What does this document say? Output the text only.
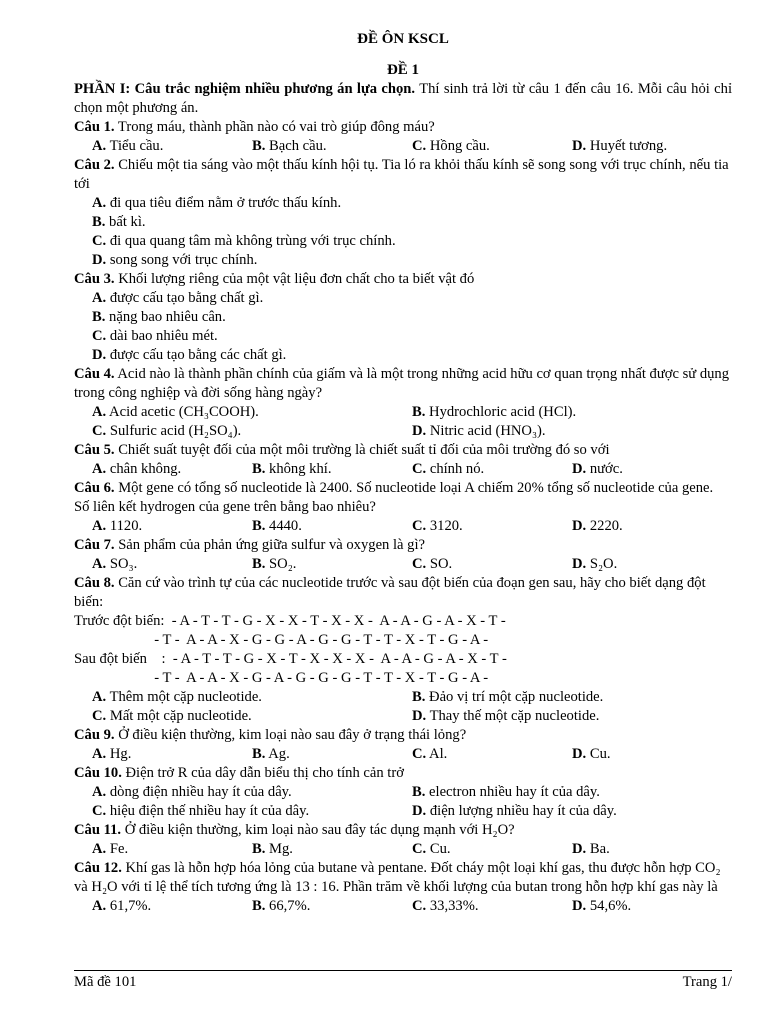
ĐỀ ÔN KSCL
ĐỀ 1
PHẦN I: Câu trắc nghiệm nhiều phương án lựa chọn. Thí sinh trả lời từ câu 1 đến câu 16. Mỗi câu hỏi chỉ chọn một phương án.
Câu 1. Trong máu, thành phần nào có vai trò giúp đông máu?
A. Tiểu cầu.	B. Bạch cầu.	C. Hồng cầu.	D. Huyết tương.
Câu 2. Chiếu một tia sáng vào một thấu kính hội tụ. Tia ló ra khỏi thấu kính sẽ song song với trục chính, nếu tia tới
A. đi qua tiêu điểm nằm ở trước thấu kính.
B. bất kì.
C. đi qua quang tâm mà không trùng với trục chính.
D. song song với trục chính.
Câu 3. Khối lượng riêng của một vật liệu đơn chất cho ta biết vật đó
A. được cấu tạo bằng chất gì.
B. nặng bao nhiêu cân.
C. dài bao nhiêu mét.
D. được cấu tạo bằng các chất gì.
Câu 4. Acid nào là thành phần chính của giấm và là một trong những acid hữu cơ quan trọng nhất được sử dụng trong công nghiệp và đời sống hàng ngày?
A. Acid acetic (CH₃COOH).	B. Hydrochloric acid (HCl).
C. Sulfuric acid (H₂SO₄).	D. Nitric acid (HNO₃).
Câu 5. Chiết suất tuyệt đối của một môi trường là chiết suất tỉ đối của môi trường đó so với
A. chân không.	B. không khí.	C. chính nó.	D. nước.
Câu 6. Một gene có tổng số nucleotide là 2400. Số nucleotide loại A chiếm 20% tổng số nucleotide của gene. Số liên kết hydrogen của gene trên bằng bao nhiêu?
A. 1120.	B. 4440.	C. 3120.	D. 2220.
Câu 7. Sản phẩm của phản ứng giữa sulfur và oxygen là gì?
A. SO₃.	B. SO₂.	C. SO.	D. S₂O.
Câu 8. Căn cứ vào trình tự của các nucleotide trước và sau đột biến của đoạn gen sau, hãy cho biết dạng đột biến:
Trước đột biến:  - A - T - T - G - X - X - T - X - X -  A - A - G - A - X - T -
- T -  A - A - X - G - G - A - G - G - T - T - X - T - G - A -
Sau đột biến    :  - A - T - T - G - X - T - X - X - X -  A - A - G - A - X - T -
- T -  A - A - X - G - A - G - G - G - T - T - X - T - G - A -
A. Thêm một cặp nucleotide.	B. Đảo vị trí một cặp nucleotide.
C. Mất một cặp nucleotide.	D. Thay thế một cặp nucleotide.
Câu 9. Ở điều kiện thường, kim loại nào sau đây ở trạng thái lỏng?
A. Hg.	B. Ag.	C. Al.	D. Cu.
Câu 10. Điện trở R của dây dẫn biểu thị cho tính cản trở
A. dòng điện nhiều hay ít của dây.	B. electron nhiều hay ít của dây.
C. hiệu điện thế nhiều hay ít của dây.	D. điện lượng nhiều hay ít của dây.
Câu 11. Ở điều kiện thường, kim loại nào sau đây tác dụng mạnh với H₂O?
A. Fe.	B. Mg.	C. Cu.	D. Ba.
Câu 12. Khí gas là hỗn hợp hóa lỏng của butane và pentane. Đốt cháy một loại khí gas, thu được hỗn hợp CO₂ và H₂O với tỉ lệ thể tích tương ứng là 13 : 16. Phần trăm về khối lượng của butan trong hỗn hợp khí gas này là
A. 61,7%.	B. 66,7%.	C. 33,33%.	D. 54,6%.
Mã đề 101	Trang 1/
